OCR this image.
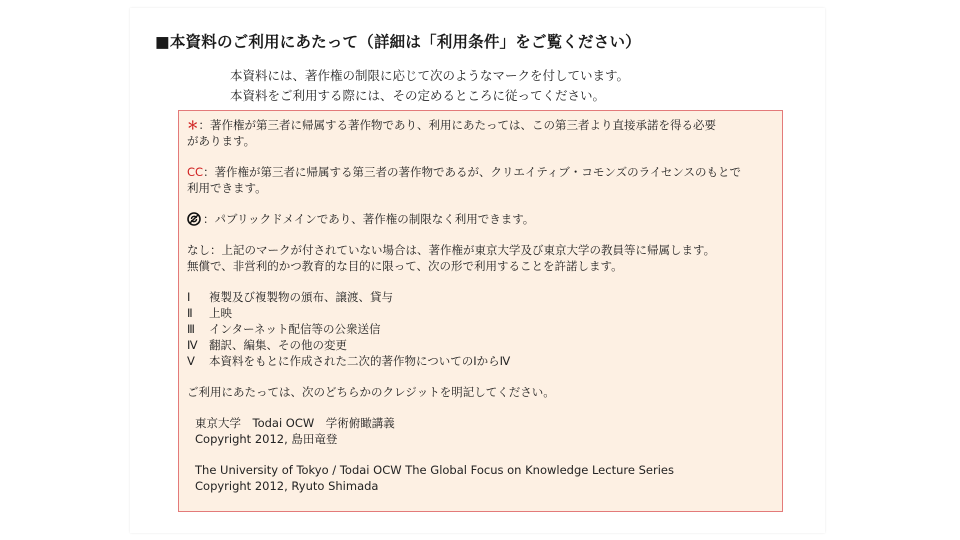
■本資料のご利用にあたって（詳細は「利用条件」をご覧ください）

本資料には、著作権の制限に応じて次のようなマークを付しています。

本資料をご利用する際には、その定めるところに従ってください。

＊：著作権が第三者に帰属する著作物であり、利用にあたっては、この第三者より直接承諾を得る必要

があります。

CC：著作権が第三者に帰属する第三者の著作物であるが、クリエイティブ・コモンズのライセンスのもとで

利用できます。

：パブリックドメインであり、著作権の制限なく利用できます。

なし：上記のマークが付されていない場合は、著作権が東京大学及び東京大学の教員等に帰属します。

無償で、非営利的かつ教育的な目的に限って、次の形で利用することを許諾します。

Ⅰ	複製及び複製物の頒布、譲渡、貸与
Ⅱ	上映
Ⅲ	インターネット配信等の公衆送信
Ⅳ 翻訳、編集、その他の変更
Ⅴ	本資料をもとに作成された二次的著作物についてのⅠからⅣ

ご利用にあたっては、次のどちらかのクレジットを明記してください。

東京大学　Todai OCW　学術俯瞰講義

Copyright 2012, 島田竜登

The University of Tokyo / Todai OCW The Global Focus on Knowledge Lecture Series

Copyright 2012, Ryuto Shimada
